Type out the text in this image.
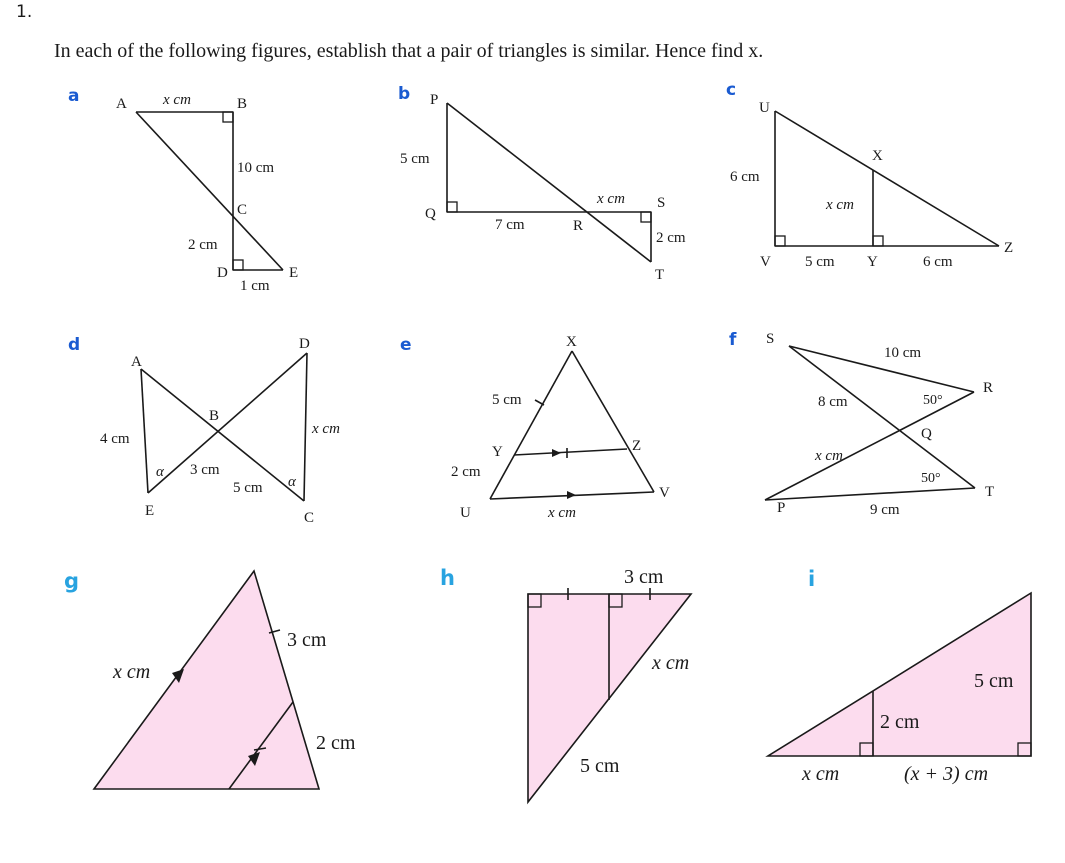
1.
In each of the following figures, establish that a pair of triangles is similar. Hence find x.
a A	B
C
D	E
x cm
10 cm
2 cm
1 cm
b P
Q
R
S
T
5 cm
7 cm
x cm
2 cm
c
U
X
V	Y
Z
6 cm
x cm
5 cm	6 cm
d
A
B
D
E	C
4 cm
3 cm
5 cm
x cm
α
α
e	X
Y	Z
U
V
5 cm
2 cm
x cm
f S
R
Q
P
T
10 cm
8 cm
x cm
9 cm
50°
50°
g
x cm
3 cm
2 cm
h	3 cm
x cm
5 cm
i
x cm	(x + 3) cm
2 cm
5 cm
